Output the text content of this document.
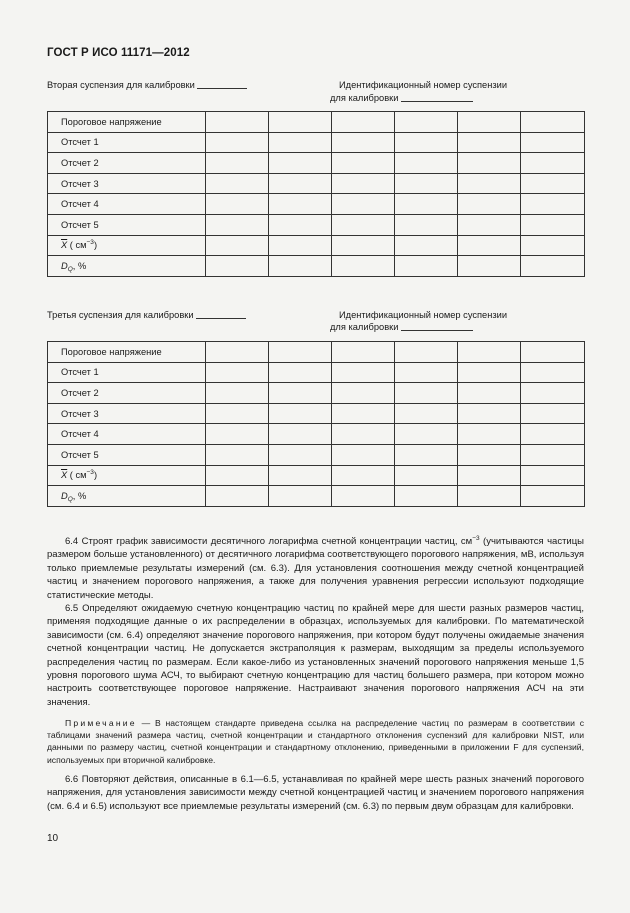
ГОСТ Р ИСО 11171—2012
Вторая суспензия для калибровки	Идентификационный номер суспензии
для калибровки
Пороговое напряжение						
Отсчет 1						
Отсчет 2						
Отсчет 3						
Отсчет 4						
Отсчет 5						
$\overline{X}$ ( $см^{-3}$)						
$D_Q$, %						
Третья суспензия для калибровки	Идентификационный номер суспензии
для калибровки
Пороговое напряжение						
Отсчет 1						
Отсчет 2						
Отсчет 3						
Отсчет 4						
Отсчет 5						
$\overline{X}$ ( $см^{-3}$)						
$D_Q$, %						

6.4 Строят график зависимости десятичного логарифма счетной концентрации частиц, $см^{-3}$ (учитываются частицы размером больше установленного) от десятичного логарифма соответствующего порогового напряжения, мВ, используя только приемлемые результаты измерений (см. 6.3). Для установления соотношения между счетной концентрацией частиц и значением порогового напряжения, а также для получения уравнения регрессии используют подходящие статистические методы.

6.5 Определяют ожидаемую счетную концентрацию частиц по крайней мере для шести разных размеров частиц, применяя подходящие данные о их распределении в образцах, используемых для калибровки. По математической зависимости (см. 6.4) определяют значение порогового напряжения, при котором будут получены ожидаемые значения счетной концентрации частиц. Не допускается экстраполяция к размерам, выходящим за пределы используемого распределения частиц по размерам. Если какое-либо из установленных значений порогового напряжения меньше 1,5 уровня порогового шума АСЧ, то выбирают счетную концентрацию для частиц большего размера, при котором можно настроить соответствующее пороговое напряжение. Настраивают значения порогового напряжения АСЧ на эти значения.

Примечание — В настоящем стандарте приведена ссылка на распределение частиц по размерам в соответствии с таблицами значений размера частиц, счетной концентрации и стандартного отклонения суспензий для калибровки NIST, или данными по размеру частиц, счетной концентрации и стандартному отклонению, приведенными в приложении F для суспензий, используемых при вторичной калибровке.

6.6 Повторяют действия, описанные в 6.1—6.5, устанавливая по крайней мере шесть разных значений порогового напряжения, для установления зависимости между счетной концентрацией частиц и значением порогового напряжения (см. 6.4 и 6.5) используют все приемлемые результаты измерений (см. 6.3) по первым двум образцам для калибровки.

10
